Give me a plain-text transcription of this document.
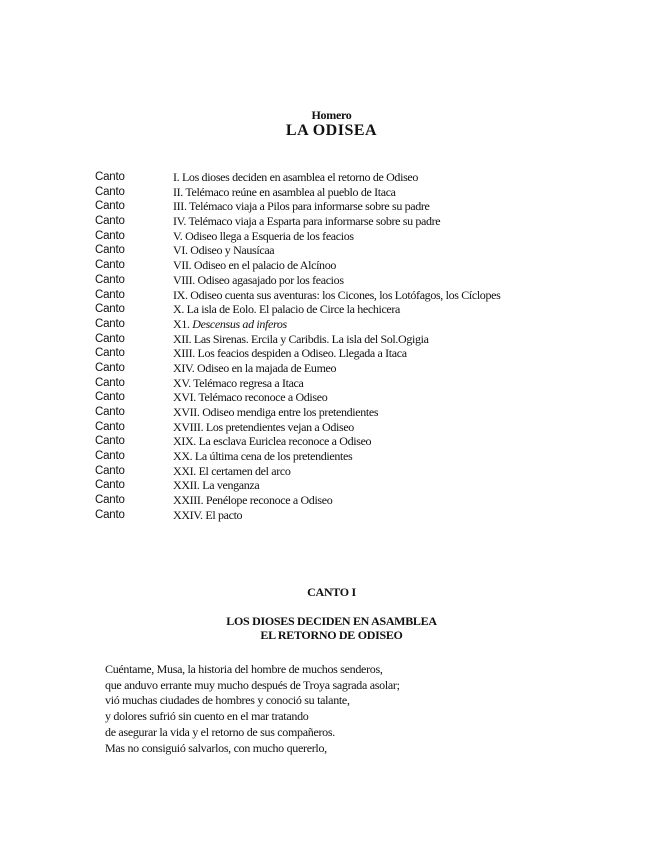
Homero
LA ODISEA
Canto	I. Los dioses deciden en asamblea el retorno de Odiseo
Canto	II. Telémaco reúne en asamblea al pueblo de Itaca
Canto	III. Telémaco viaja a Pilos para informarse sobre su padre
Canto	IV. Telémaco viaja a Esparta para informarse sobre su padre
Canto	V. Odiseo llega a Esqueria de los feacios
Canto	VI. Odiseo y Nausícaa
Canto	VII. Odiseo en el palacio de Alcínoo
Canto	VIII. Odiseo agasajado por los feacios
Canto	IX. Odiseo cuenta sus aventuras: los Cicones, los Lotófagos, los Cíclopes
Canto	X. La isla de Eolo. El palacio de Circe la hechicera
Canto	X1. Descensus ad inferos
Canto	XII. Las Sirenas. Ercila y Caribdis. La isla del Sol.Ogigia
Canto	XIII. Los feacios despiden a Odiseo. Llegada a Itaca
Canto	XIV. Odiseo en la majada de Eumeo
Canto	XV. Telémaco regresa a Itaca
Canto	XVI. Telémaco reconoce a Odiseo
Canto	XVII. Odiseo mendiga entre los pretendientes
Canto	XVIII. Los pretendientes vejan a Odiseo
Canto	XIX. La esclava Euriclea reconoce a Odiseo
Canto	XX. La última cena de los pretendientes
Canto	XXI. El certamen del arco
Canto	XXII. La venganza
Canto	XXIII. Penélope reconoce a Odiseo
Canto	XXIV. El pacto
CANTO I
LOS DIOSES DECIDEN EN ASAMBLEA
EL RETORNO DE ODISEO
Cuéntame, Musa, la historia del hombre de muchos senderos,
que anduvo errante muy mucho después de Troya sagrada asolar;
vió muchas ciudades de hombres y conoció su talante,
y dolores sufrió sin cuento en el mar tratando
de asegurar la vida y el retorno de sus compañeros.
Mas no consiguió salvarlos, con mucho quererlo,
